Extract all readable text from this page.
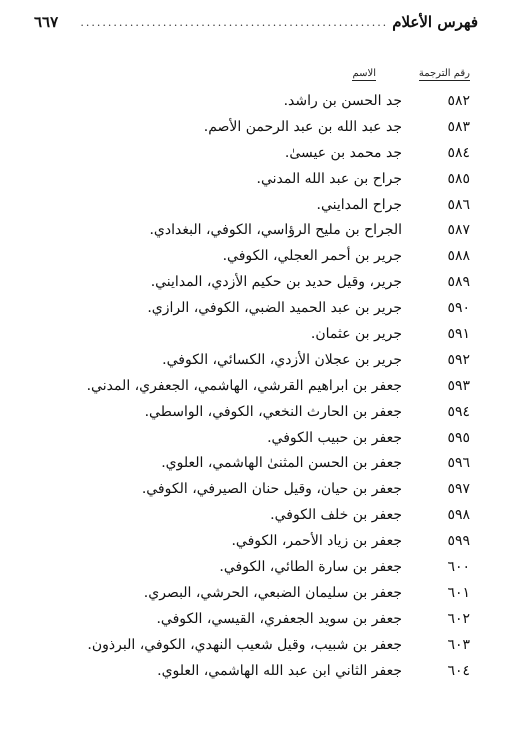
فهرس الأعلام
........................................................
٦٦٧
رقم الترجمة
الاسم
٥٨٢
جد الحسن بن راشد.
٥٨٣
جد عبد الله بن عبد الرحمن الأصم.
٥٨٤
جد محمد بن عيسىٰ.
٥٨٥
جراح بن عبد الله المدني.
٥٨٦
جراح المدايني.
٥٨٧
الجراح بن مليح الرؤاسي، الكوفي، البغدادي.
٥٨٨
جرير بن أحمر العجلي، الكوفي.
٥٨٩
جرير، وقيل حديد بن حكيم الأزدي، المدايني.
٥٩٠
جرير بن عبد الحميد الضبي، الكوفي، الرازي.
٥٩١
جرير بن عثمان.
٥٩٢
جرير بن عجلان الأزدي، الكسائي، الكوفي.
٥٩٣
جعفر بن ابراهيم القرشي، الهاشمي، الجعفري، المدني.
٥٩٤
جعفر بن الحارث النخعي، الكوفي، الواسطي.
٥٩٥
جعفر بن حبيب الكوفي.
٥٩٦
جعفر بن الحسن المثنىٰ الهاشمي، العلوي.
٥٩٧
جعفر بن حيان، وقيل حنان الصيرفي، الكوفي.
٥٩٨
جعفر بن خلف الكوفي.
٥٩٩
جعفر بن زياد الأحمر، الكوفي.
٦٠٠
جعفر بن سارة الطائي، الكوفي.
٦٠١
جعفر بن سليمان الضبعي، الحرشي، البصري.
٦٠٢
جعفر بن سويد الجعفري، القيسي، الكوفي.
٦٠٣
جعفر بن شبيب، وقيل شعيب النهدي، الكوفي، البرذون.
٦٠٤
جعفر الثاني ابن عبد الله الهاشمي، العلوي.
